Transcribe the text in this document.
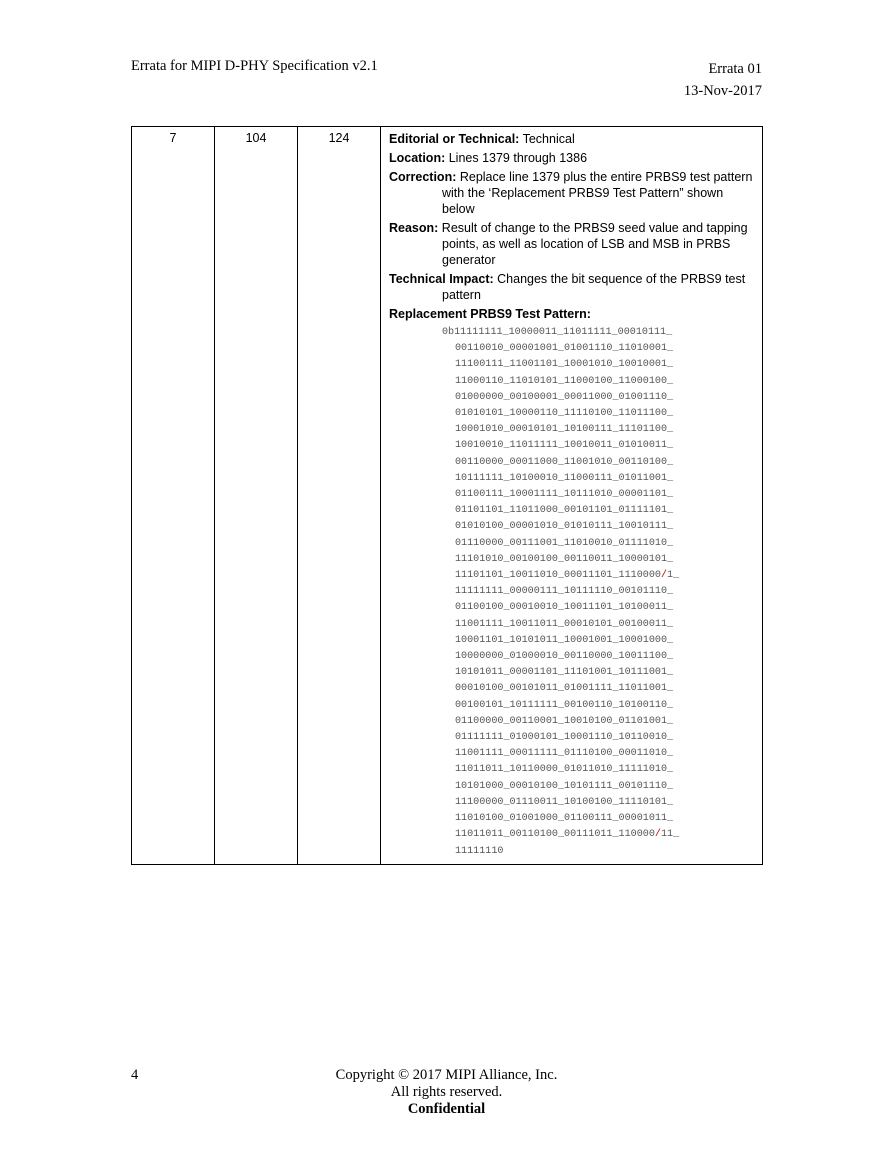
Errata for MIPI D-PHY Specification v2.1	Errata 01
13-Nov-2017
7	104	124	Editorial or Technical: Technical
Location: Lines 1379 through 1386
Correction: Replace line 1379 plus the entire PRBS9 test pattern with the ‘Replacement PRBS9 Test Pattern” shown below
Reason: Result of change to the PRBS9 seed value and tapping points, as well as location of LSB and MSB in PRBS generator
Technical Impact: Changes the bit sequence of the PRBS9 test pattern
Replacement PRBS9 Test Pattern:
0b11111111_10000011_11011111_00010111_
00110010_00001001_01001110_11010001_
11100111_11001101_10001010_10010001_
11000110_11010101_11000100_11000100_
01000000_00100001_00011000_01001110_
01010101_10000110_11110100_11011100_
10001010_00010101_10100111_11101100_
10010010_11011111_10010011_01010011_
00110000_00011000_11001010_00110100_
10111111_10100010_11000111_01011001_
01100111_10001111_10111010_00001101_
01101101_11011000_00101101_01111101_
01010100_00001010_01010111_10010111_
01110000_00111001_11010010_01111010_
11101010_00100100_00110011_10000101_
11101101_10011010_00011101_1110000/1_
11111111_00000111_10111110_00101110_
01100100_00010010_10011101_10100011_
11001111_10011011_00010101_00100011_
10001101_10101011_10001001_10001000_
10000000_01000010_00110000_10011100_
10101011_00001101_11101001_10111001_
00010100_00101011_01001111_11011001_
00100101_10111111_00100110_10100110_
01100000_00110001_10010100_01101001_
01111111_01000101_10001110_10110010_
11001111_00011111_01110100_00011010_
11011011_10110000_01011010_11111010_
10101000_00010100_10101111_00101110_
11100000_01110011_10100100_11110101_
11010100_01001000_01100111_00001011_
11011011_00110100_00111011_110000/11_
11111110
4	Copyright © 2017 MIPI Alliance, Inc.
All rights reserved.
Confidential
